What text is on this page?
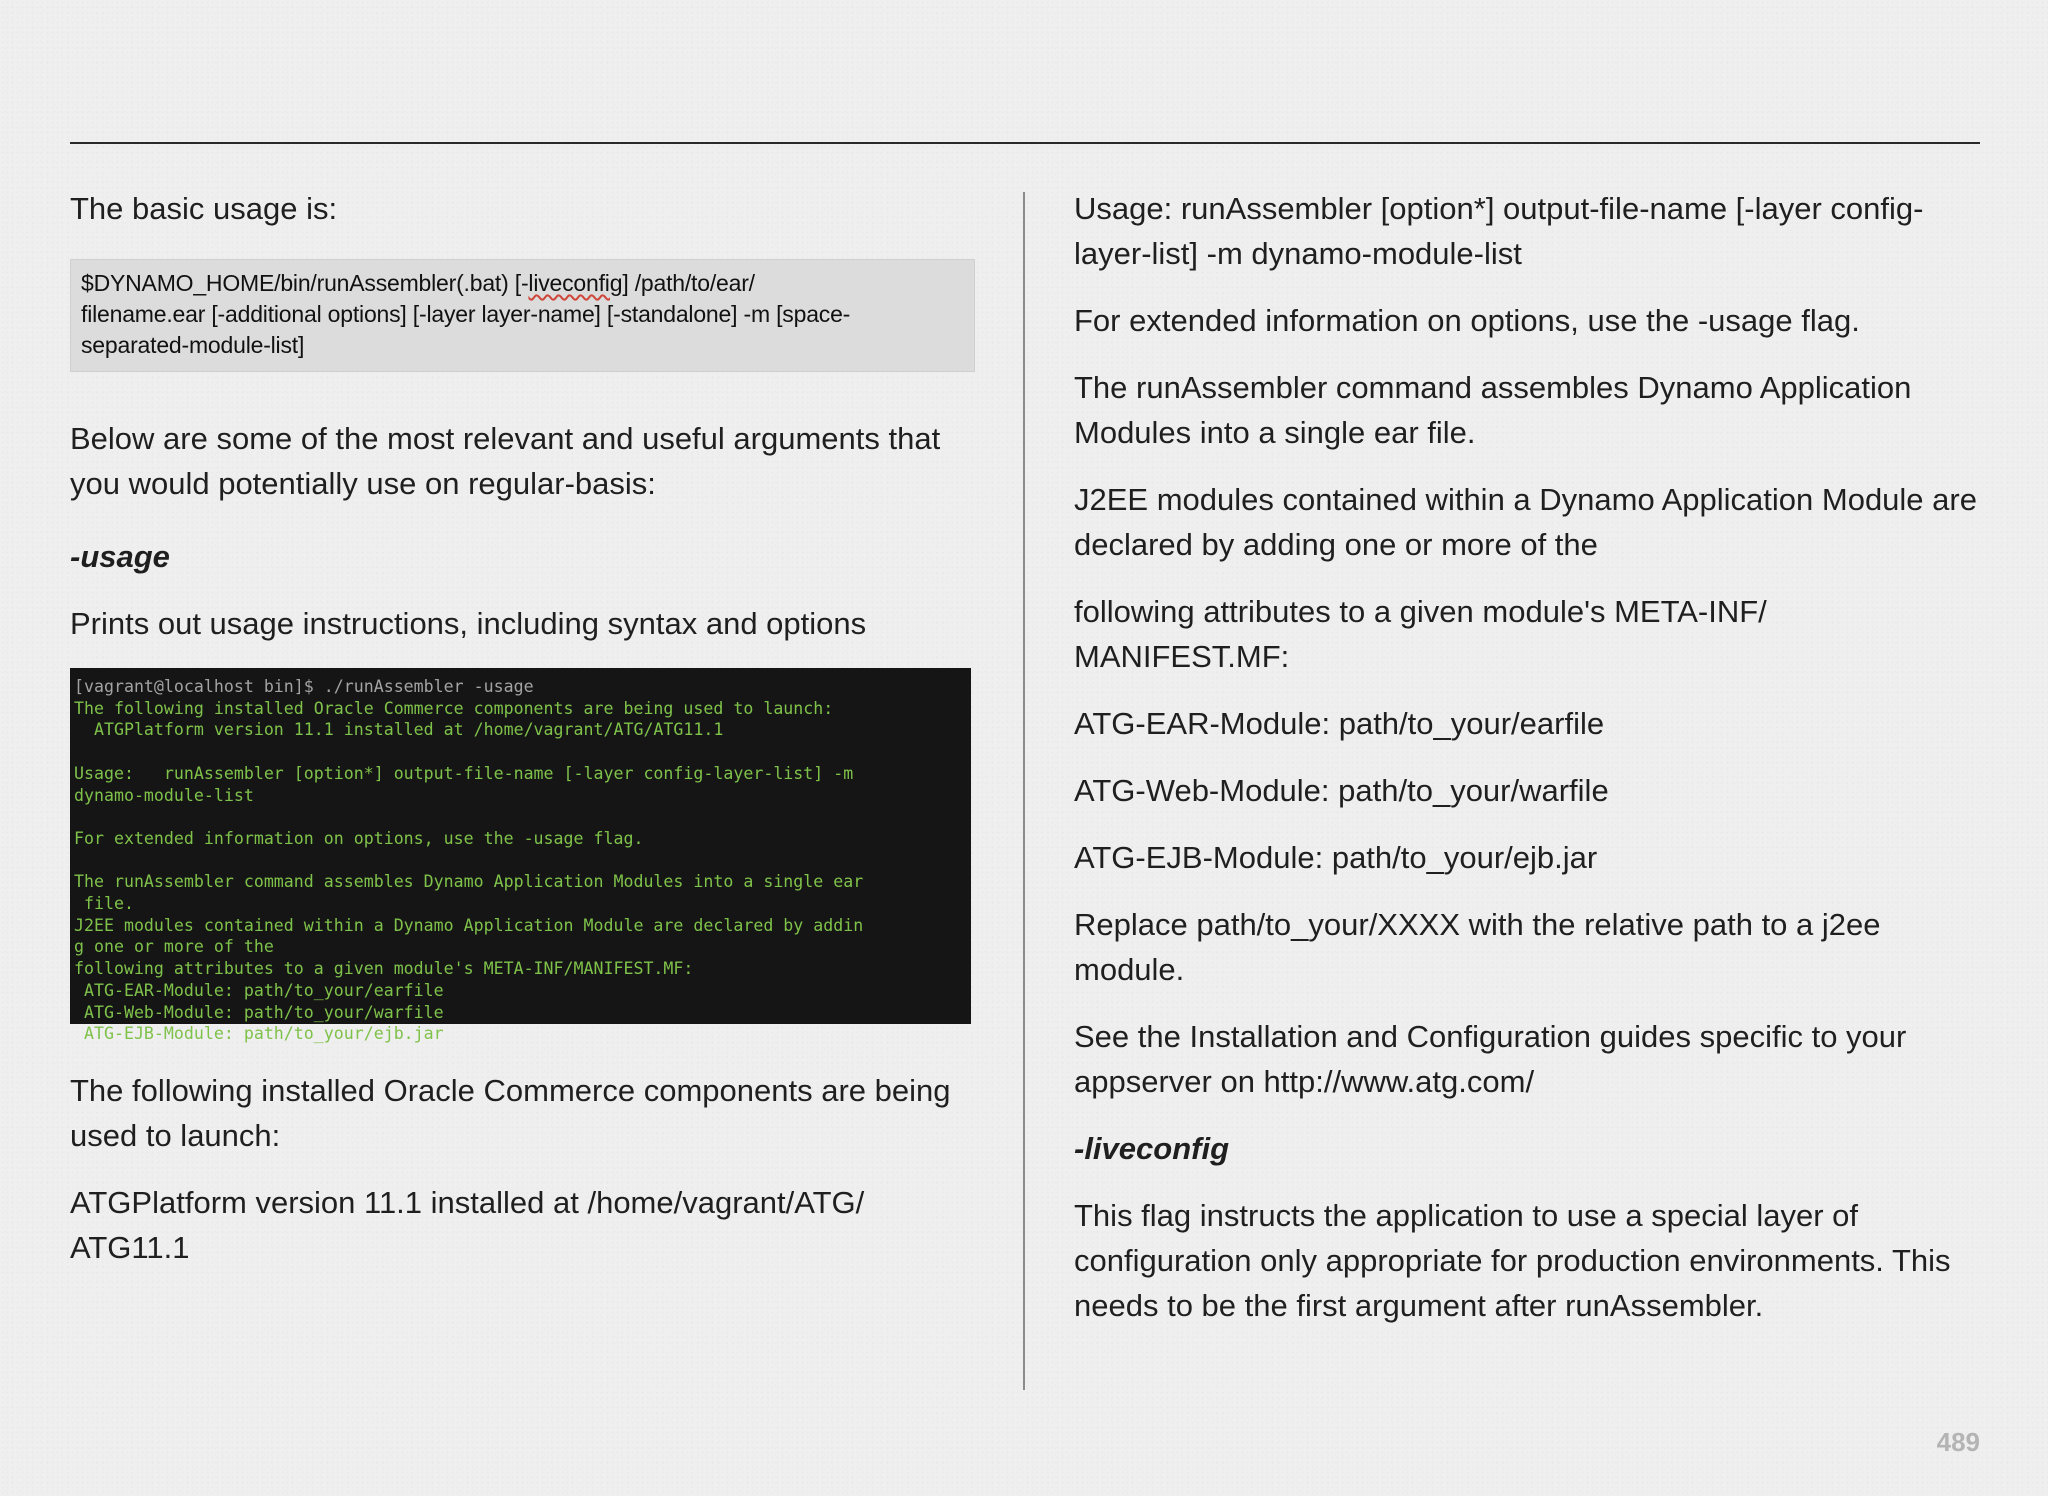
The basic usage is:

$DYNAMO_HOME/bin/runAssembler(.bat) [-liveconfig] /path/to/ear/
filename.ear [-additional options] [-layer layer-name] [-standalone] -m [space-
separated-module-list]

Below are some of the most relevant and useful arguments that you would potentially use on regular-basis:

-usage

Prints out usage instructions, including syntax and options

[vagrant@localhost bin]$ ./runAssembler -usage
The following installed Oracle Commerce components are being used to launch:
ATGPlatform version 11.1 installed at /home/vagrant/ATG/ATG11.1

Usage:   runAssembler [option*] output-file-name [-layer config-layer-list] -m
dynamo-module-list

For extended information on options, use the -usage flag.

The runAssembler command assembles Dynamo Application Modules into a single ear
file.
J2EE modules contained within a Dynamo Application Module are declared by addin
g one or more of the
following attributes to a given module's META-INF/MANIFEST.MF:
ATG-EAR-Module: path/to_your/earfile
ATG-Web-Module: path/to_your/warfile
ATG-EJB-Module: path/to_your/ejb.jar

The following installed Oracle Commerce components are being used to launch:

ATGPlatform version 11.1 installed at /home/vagrant/ATG/ ATG11.1

Usage: runAssembler [option*] output-file-name [-layer config-layer-list] -m dynamo-module-list

For extended information on options, use the -usage flag.

The runAssembler command assembles Dynamo Application Modules into a single ear file.

J2EE modules contained within a Dynamo Application Module are declared by adding one or more of the

following attributes to a given module's META-INF/ MANIFEST.MF:

ATG-EAR-Module: path/to_your/earfile

ATG-Web-Module: path/to_your/warfile

ATG-EJB-Module: path/to_your/ejb.jar

Replace path/to_your/XXXX with the relative path to a j2ee module.

See the Installation and Configuration guides specific to your appserver on http://www.atg.com/

-liveconfig

This flag instructs the application to use a special layer of configuration only appropriate for production environments. This needs to be the first argument after runAssembler.

489
